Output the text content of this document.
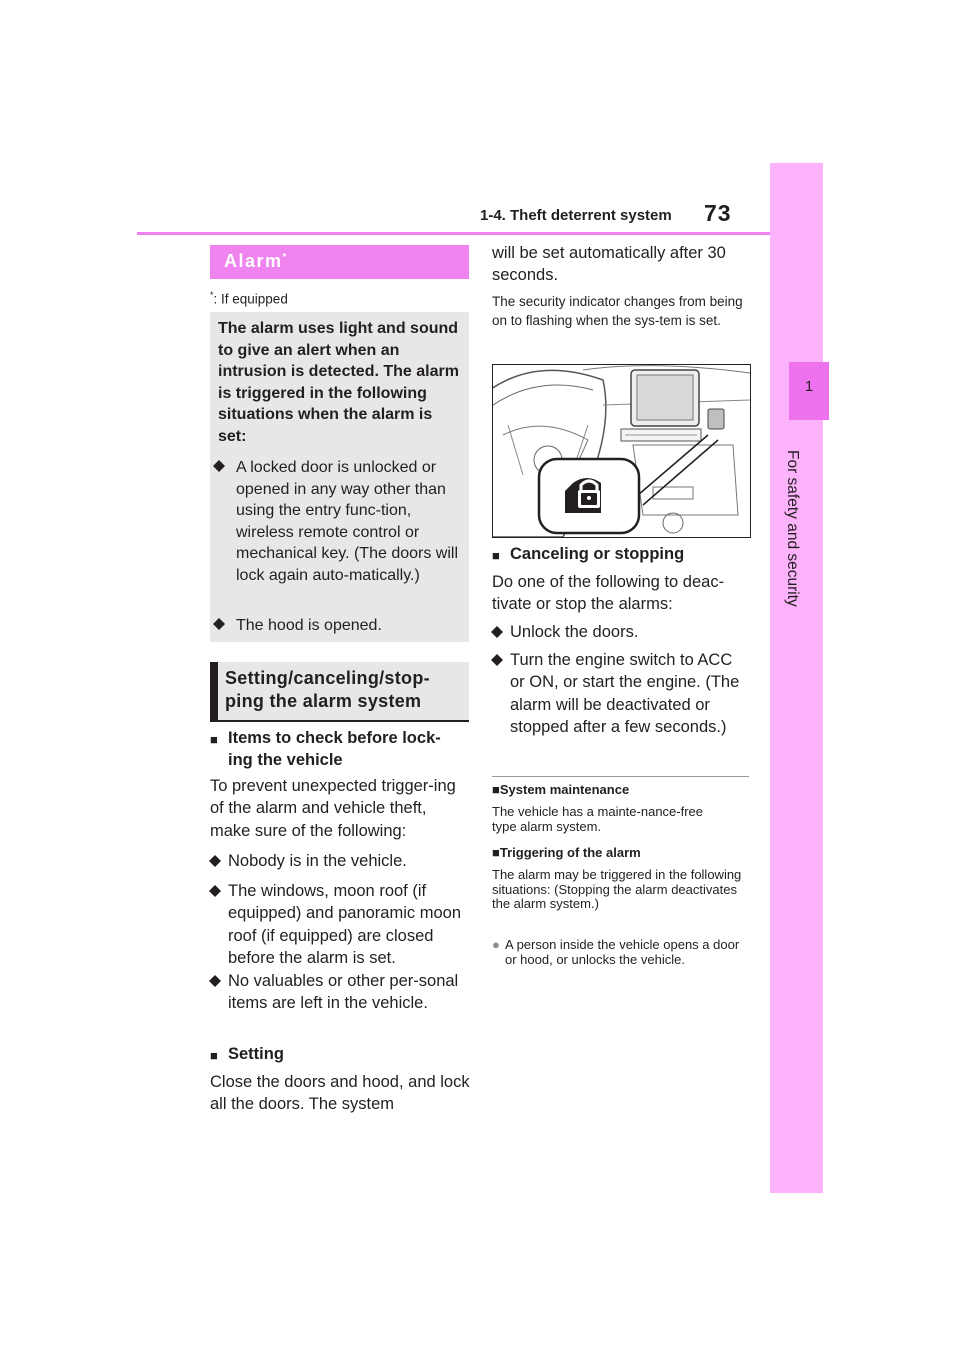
1-4. Theft deterrent system 73
1
For safety and security
Alarm*
*: If equipped
The alarm uses light and sound to give an alert when an intrusion is detected. The alarm is triggered in the following situations when the alarm is set:
A locked door is unlocked or opened in any way other than using the entry func-tion, wireless remote control or mechanical key. (The doors will lock again auto-matically.)
The hood is opened.
Setting/canceling/stop-
ping the alarm system
■ Items to check before lock-
ing the vehicle
To prevent unexpected trigger-ing of the alarm and vehicle theft, make sure of the following:
Nobody is in the vehicle.
The windows, moon roof (if equipped) and panoramic moon roof (if equipped) are closed before the alarm is set.
No valuables or other per-sonal items are left in the vehicle.
■ Setting
Close the doors and hood, and lock all the doors. The system
will be set automatically after 30 seconds.
The security indicator changes from being on to flashing when the sys-tem is set.
■ Canceling or stopping
Do one of the following to deac-tivate or stop the alarms:
Unlock the doors.
Turn the engine switch to ACC or ON, or start the engine. (The alarm will be deactivated or stopped after a few seconds.)
■System maintenance
The vehicle has a mainte-nance-free type alarm system.
■Triggering of the alarm
The alarm may be triggered in the following situations: (Stopping the alarm deactivates the alarm system.)
● A person inside the vehicle opens a door or hood, or unlocks the vehicle.
